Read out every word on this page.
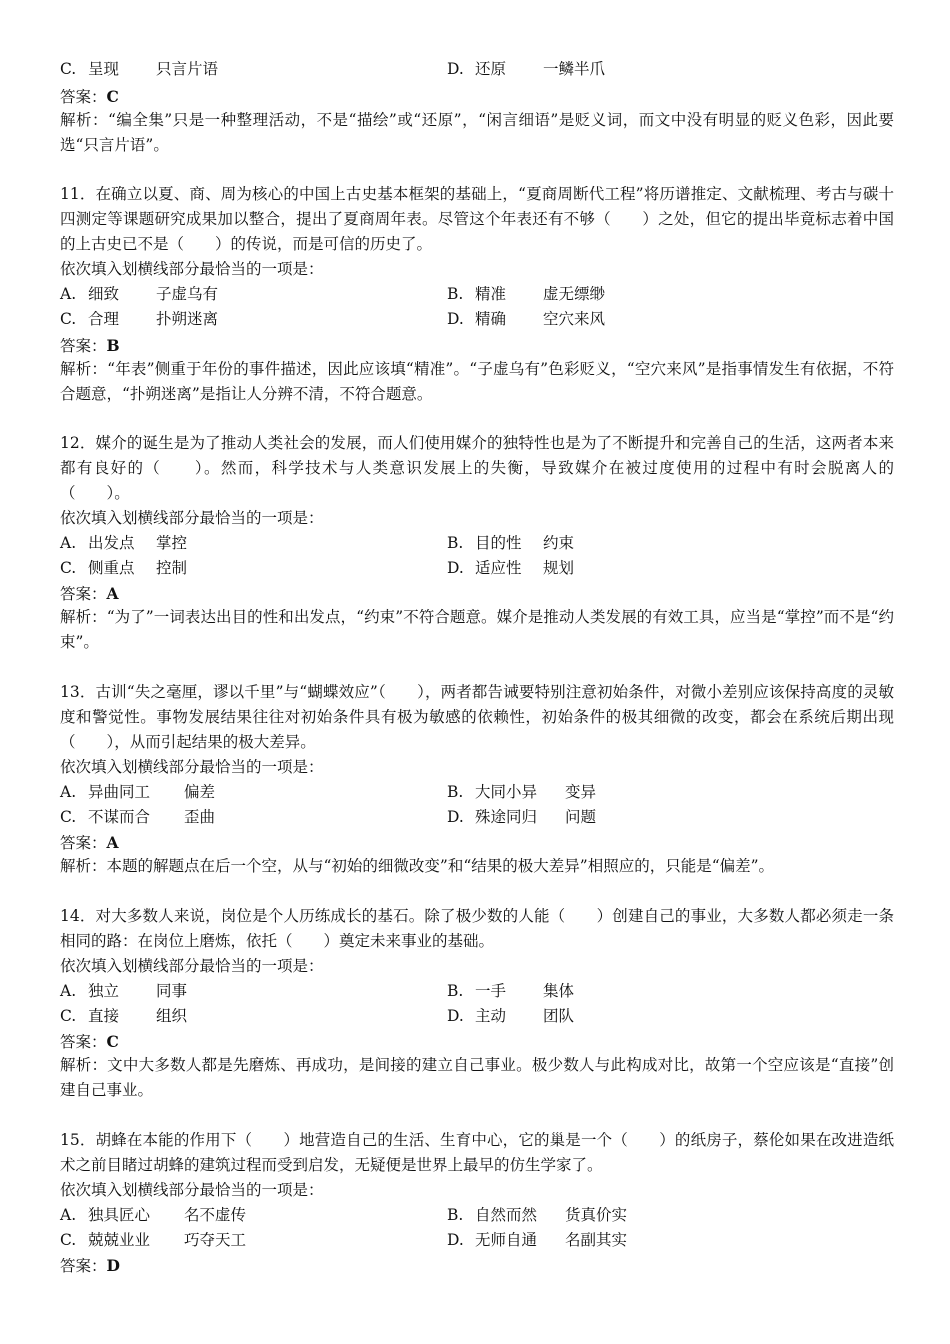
C. 呈现 只言片语	D. 还原 一鳞半爪
答案：C
解析：“编全集”只是一种整理活动，不是“描绘”或“还原”，“闲言细语”是贬义词，而文中没有明显的贬义色彩，因此要选“只言片语”。
11．在确立以夏、商、周为核心的中国上古史基本框架的基础上，“夏商周断代工程”将历谱推定、文献梳理、考古与碳十四测定等课题研究成果加以整合，提出了夏商周年表。尽管这个年表还有不够（　　）之处，但它的提出毕竟标志着中国的上古史已不是（　　）的传说，而是可信的历史了。
依次填入划横线部分最恰当的一项是：
A. 细致 子虚乌有	B. 精准 虚无缥缈
C. 合理 扑朔迷离	D. 精确 空穴来风
答案：B
解析：“年表”侧重于年份的事件描述，因此应该填“精准”。“子虚乌有”色彩贬义，“空穴来风”是指事情发生有依据，不符合题意，“扑朔迷离”是指让人分辨不清，不符合题意。
12．媒介的诞生是为了推动人类社会的发展，而人们使用媒介的独特性也是为了不断提升和完善自己的生活，这两者本来都有良好的（　　）。然而，科学技术与人类意识发展上的失衡，导致媒介在被过度使用的过程中有时会脱离人的（　　）。
依次填入划横线部分最恰当的一项是：
A. 出发点 掌控	B. 目的性 约束
C. 侧重点 控制	D. 适应性 规划
答案：A
解析：“为了”一词表达出目的性和出发点，“约束”不符合题意。媒介是推动人类发展的有效工具，应当是“掌控”而不是“约束”。
13．古训“失之毫厘，谬以千里”与“蝴蝶效应”（　　），两者都告诫要特别注意初始条件，对微小差别应该保持高度的灵敏度和警觉性。事物发展结果往往对初始条件具有极为敏感的依赖性，初始条件的极其细微的改变，都会在系统后期出现（　　），从而引起结果的极大差异。
依次填入划横线部分最恰当的一项是：
A. 异曲同工 偏差	B. 大同小异 变异
C. 不谋而合 歪曲	D. 殊途同归 问题
答案：A
解析：本题的解题点在后一个空，从与“初始的细微改变”和“结果的极大差异”相照应的，只能是“偏差”。
14．对大多数人来说，岗位是个人历练成长的基石。除了极少数的人能（　　）创建自己的事业，大多数人都必须走一条相同的路：在岗位上磨炼，依托（　　）奠定未来事业的基础。
依次填入划横线部分最恰当的一项是：
A. 独立 同事	B. 一手 集体
C. 直接 组织	D. 主动 团队
答案：C
解析：文中大多数人都是先磨炼、再成功，是间接的建立自己事业。极少数人与此构成对比，故第一个空应该是“直接”创建自己事业。
15．胡蜂在本能的作用下（　　）地营造自己的生活、生育中心，它的巢是一个（　　）的纸房子，蔡伦如果在改进造纸术之前目睹过胡蜂的建筑过程而受到启发，无疑便是世界上最早的仿生学家了。
依次填入划横线部分最恰当的一项是：
A. 独具匠心 名不虚传	B. 自然而然 货真价实
C. 兢兢业业 巧夺天工	D. 无师自通 名副其实
答案：D
